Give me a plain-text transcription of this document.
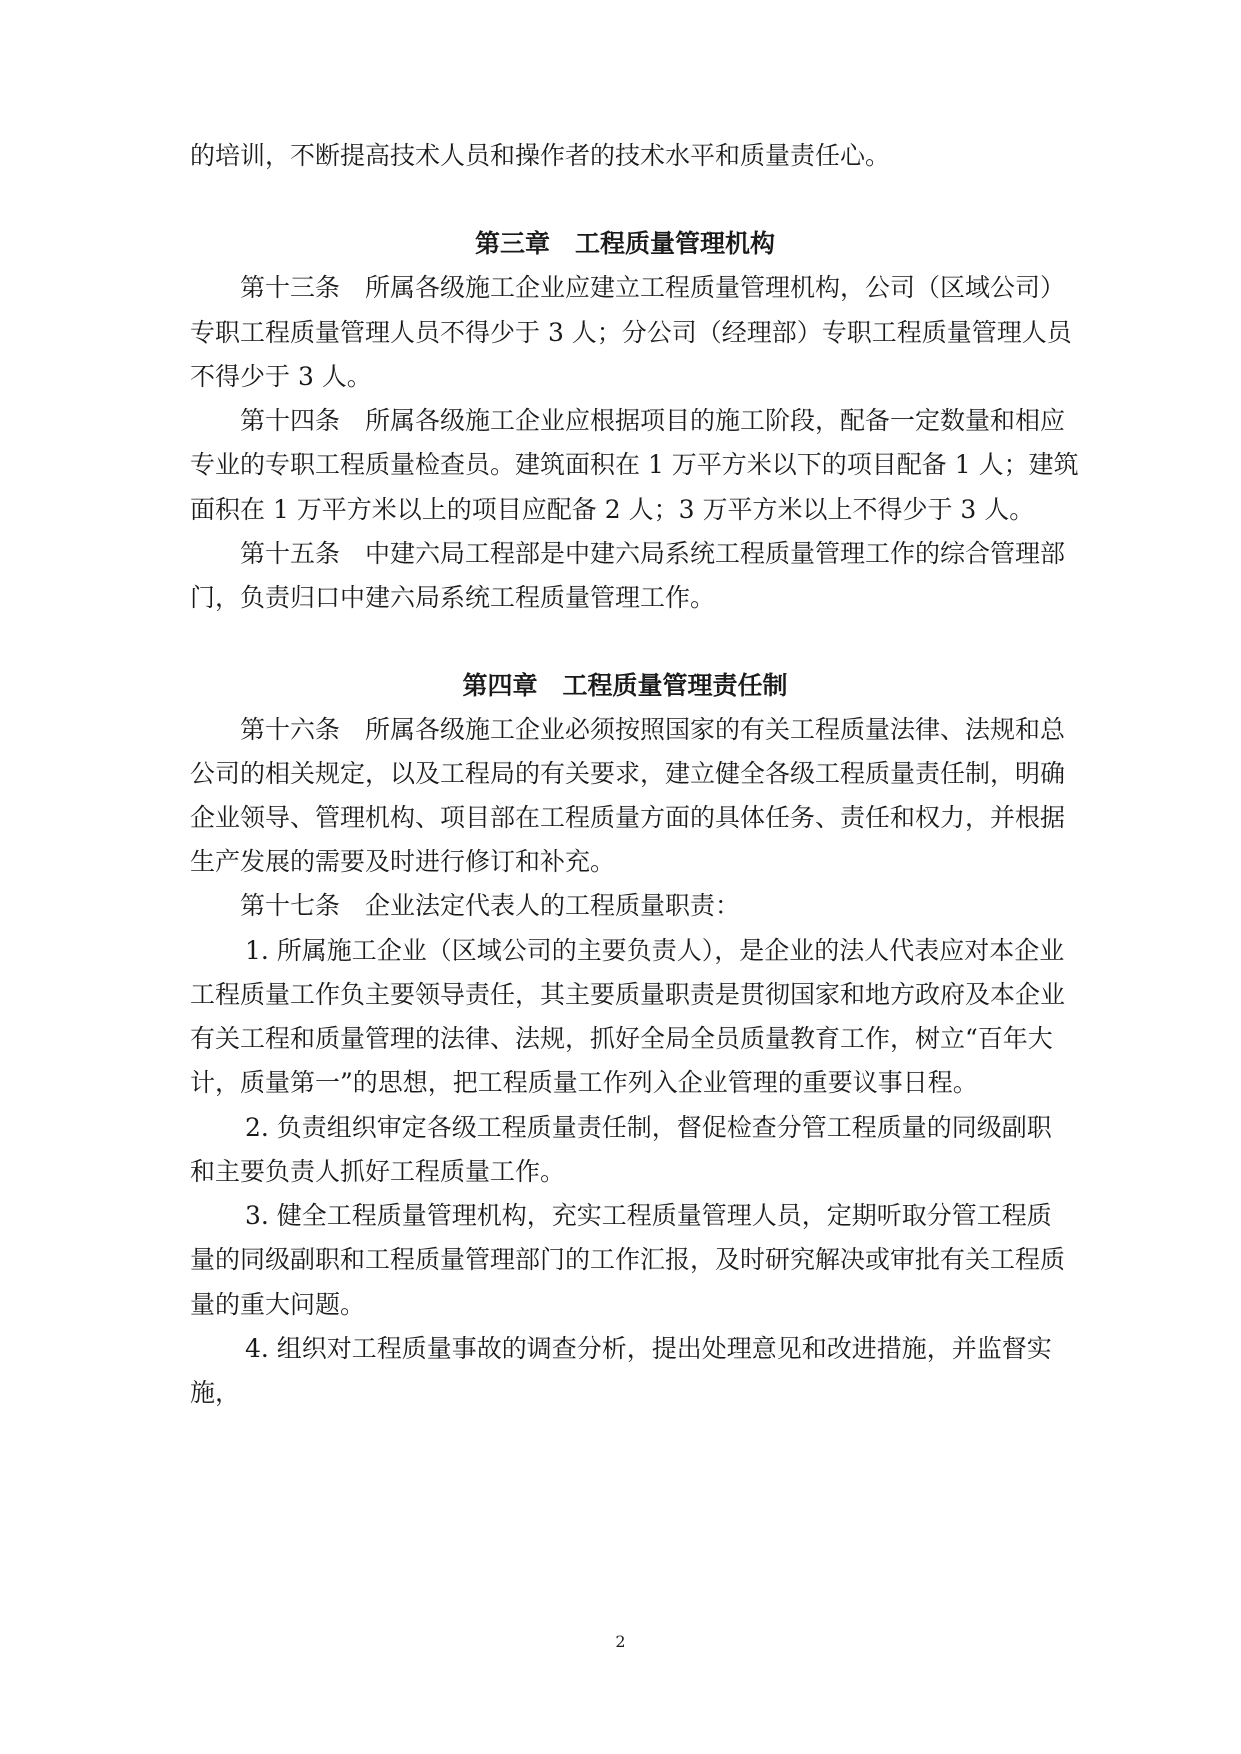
的培训，不断提高技术人员和操作者的技术水平和质量责任心。
第三章　工程质量管理机构
第十三条　所属各级施工企业应建立工程质量管理机构，公司（区域公司）
专职工程质量管理人员不得少于 3 人；分公司（经理部）专职工程质量管理人员
不得少于 3 人。
第十四条　所属各级施工企业应根据项目的施工阶段，配备一定数量和相应
专业的专职工程质量检查员。建筑面积在 1 万平方米以下的项目配备 1 人；建筑
面积在 1 万平方米以上的项目应配备 2 人；3 万平方米以上不得少于 3 人。
第十五条　中建六局工程部是中建六局系统工程质量管理工作的综合管理部
门，负责归口中建六局系统工程质量管理工作。
第四章　工程质量管理责任制
第十六条　所属各级施工企业必须按照国家的有关工程质量法律、法规和总
公司的相关规定，以及工程局的有关要求，建立健全各级工程质量责任制，明确
企业领导、管理机构、项目部在工程质量方面的具体任务、责任和权力，并根据
生产发展的需要及时进行修订和补充。
第十七条　企业法定代表人的工程质量职责：
1. 所属施工企业（区域公司的主要负责人），是企业的法人代表应对本企业
工程质量工作负主要领导责任，其主要质量职责是贯彻国家和地方政府及本企业
有关工程和质量管理的法律、法规，抓好全局全员质量教育工作，树立“百年大
计，质量第一”的思想，把工程质量工作列入企业管理的重要议事日程。
2. 负责组织审定各级工程质量责任制，督促检查分管工程质量的同级副职
和主要负责人抓好工程质量工作。
3. 健全工程质量管理机构，充实工程质量管理人员，定期听取分管工程质
量的同级副职和工程质量管理部门的工作汇报，及时研究解决或审批有关工程质
量的重大问题。
4. 组织对工程质量事故的调查分析，提出处理意见和改进措施，并监督实
施，
2
